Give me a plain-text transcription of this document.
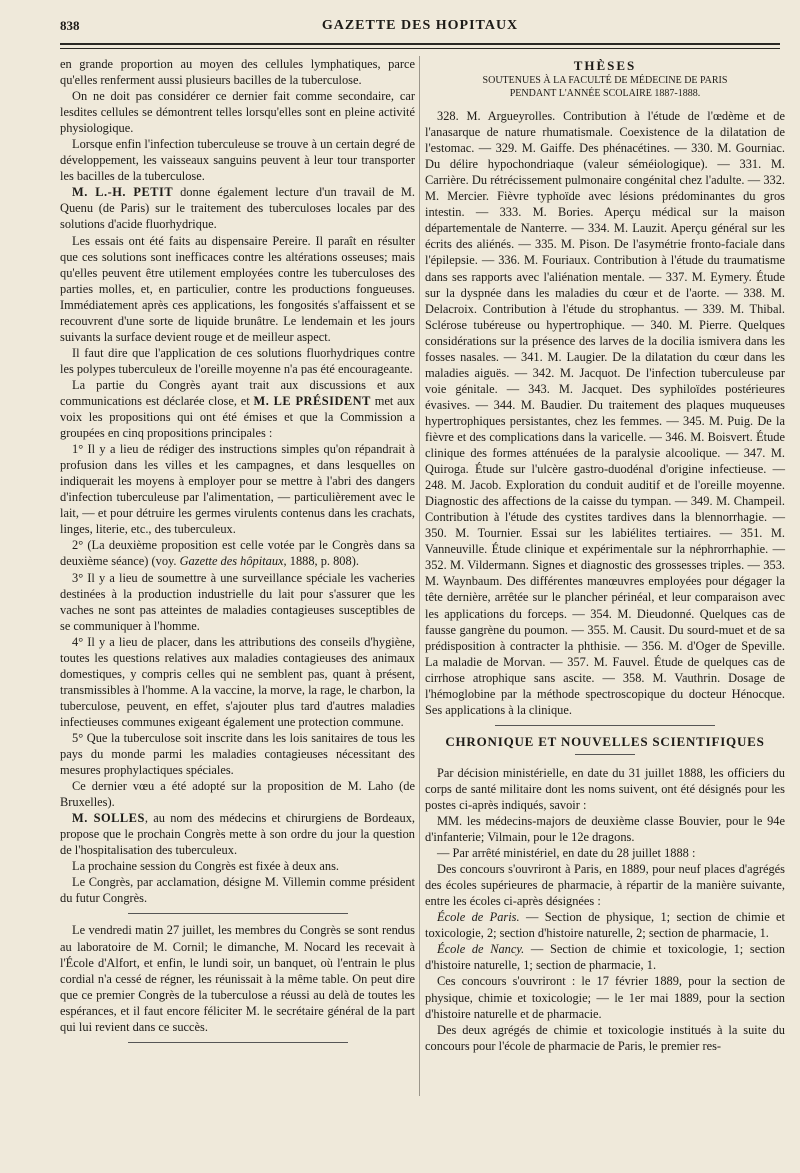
838	GAZETTE DES HOPITAUX

en grande proportion au moyen des cellules lymphatiques, parce qu'elles renferment aussi plusieurs bacilles de la tuberculose.

On ne doit pas considérer ce dernier fait comme secondaire, car lesdites cellules se démontrent telles lorsqu'elles sont en pleine activité physiologique.

Lorsque enfin l'infection tuberculeuse se trouve à un certain degré de développement, les vaisseaux sanguins peuvent à leur tour transporter les bacilles de la tuberculose.

M. L.-H. PETIT donne également lecture d'un travail de M. Quenu (de Paris) sur le traitement des tuberculoses locales par des solutions d'acide fluorhydrique.

Les essais ont été faits au dispensaire Pereire. Il paraît en résulter que ces solutions sont inefficaces contre les altérations osseuses; mais qu'elles peuvent être utilement employées contre les tuberculoses des parties molles, et, en particulier, contre les productions fongueuses. Immédiatement après ces applications, les fongosités s'affaissent et se recouvrent d'une sorte de liquide brunâtre. Le lendemain et les jours suivants la surface devient rouge et de meilleur aspect.

Il faut dire que l'application de ces solutions fluorhydriques contre les polypes tuberculeux de l'oreille moyenne n'a pas été encourageante.

La partie du Congrès ayant trait aux discussions et aux communications est déclarée close, et M. LE PRÉSIDENT met aux voix les propositions qui ont été émises et que la Commission a groupées en cinq propositions principales :

1° Il y a lieu de rédiger des instructions simples qu'on répandrait à profusion dans les villes et les campagnes, et dans lesquelles on indiquerait les moyens à employer pour se mettre à l'abri des dangers d'infection tuberculeuse par l'alimentation, — particulièrement avec le lait, — et pour détruire les germes virulents contenus dans les crachats, linges, literie, etc., des tuberculeux.

2° (La deuxième proposition est celle votée par le Congrès dans sa deuxième séance) (voy. Gazette des hôpitaux, 1888, p. 808).

3° Il y a lieu de soumettre à une surveillance spéciale les vacheries destinées à la production industrielle du lait pour s'assurer que les vaches ne sont pas atteintes de maladies contagieuses susceptibles de se communiquer à l'homme.

4° Il y a lieu de placer, dans les attributions des conseils d'hygiène, toutes les questions relatives aux maladies contagieuses des animaux domestiques, y compris celles qui ne semblent pas, quant à présent, transmissibles à l'homme. A la vaccine, la morve, la rage, le charbon, la tuberculose, peuvent, en effet, s'ajouter plus tard d'autres maladies infectieuses communes exigeant également une protection commune.

5° Que la tuberculose soit inscrite dans les lois sanitaires de tous les pays du monde parmi les maladies contagieuses nécessitant des mesures prophylactiques spéciales.

Ce dernier vœu a été adopté sur la proposition de M. Laho (de Bruxelles).

M. SOLLES, au nom des médecins et chirurgiens de Bordeaux, propose que le prochain Congrès mette à son ordre du jour la question de l'hospitalisation des tuberculeux.

La prochaine session du Congrès est fixée à deux ans.

Le Congrès, par acclamation, désigne M. Villemin comme président du futur Congrès.

Le vendredi matin 27 juillet, les membres du Congrès se sont rendus au laboratoire de M. Cornil; le dimanche, M. Nocard les recevait à l'École d'Alfort, et enfin, le lundi soir, un banquet, où l'entrain le plus cordial n'a cessé de régner, les réunissait à la même table. On peut dire que ce premier Congrès de la tuberculose a réussi au delà de toutes les espérances, et il faut encore féliciter M. le secrétaire général de la part qui lui revient dans ce succès.

THÈSES
SOUTENUES À LA FACULTÉ DE MÉDECINE DE PARIS
PENDANT L'ANNÉE SCOLAIRE 1887-1888.

328. M. Argueyrolles. Contribution à l'étude de l'œdème et de l'anasarque de nature rhumatismale. Coexistence de la dilatation de l'estomac. — 329. M. Gaiffe. Des phénacétines. — 330. M. Gourniac. Du délire hypochondriaque (valeur séméiologique). — 331. M. Carrière. Du rétrécissement pulmonaire congénital chez l'adulte. — 332. M. Mercier. Fièvre typhoïde avec lésions prédominantes du gros intestin. — 333. M. Bories. Aperçu médical sur la maison départementale de Nanterre. — 334. M. Lauzit. Aperçu général sur les écrits des aliénés. — 335. M. Pison. De l'asymétrie fronto-faciale dans l'épilepsie. — 336. M. Fouriaux. Contribution à l'étude du traumatisme dans ses rapports avec l'aliénation mentale. — 337. M. Eymery. Étude sur la dyspnée dans les maladies du cœur et de l'aorte. — 338. M. Delacroix. Contribution à l'étude du strophantus. — 339. M. Thibal. Sclérose tubéreuse ou hypertrophique. — 340. M. Pierre. Quelques considérations sur la présence des larves de la docilia ismivera dans les fosses nasales. — 341. M. Laugier. De la dilatation du cœur dans les maladies aiguës. — 342. M. Jacquot. De l'infection tuberculeuse par voie génitale. — 343. M. Jacquet. Des syphiloïdes postérieures évasives. — 344. M. Baudier. Du traitement des plaques muqueuses hypertrophiques persistantes, chez les femmes. — 345. M. Puig. De la fièvre et des complications dans la varicelle. — 346. M. Boisvert. Étude clinique des formes atténuées de la paralysie alcoolique. — 347. M. Quiroga. Étude sur l'ulcère gastro-duodénal d'origine infectieuse. — 248. M. Jacob. Exploration du conduit auditif et de l'oreille moyenne. Diagnostic des affections de la caisse du tympan. — 349. M. Champeil. Contribution à l'étude des cystites tardives dans la blennorrhagie. — 350. M. Tournier. Essai sur les labiélites tertiaires. — 351. M. Vanneuville. Étude clinique et expérimentale sur la néphrorrhaphie. — 352. M. Vildermann. Signes et diagnostic des grossesses triples. — 353. M. Waynbaum. Des différentes manœuvres employées pour dégager la tête dernière, arrêtée sur le plancher périnéal, et leur comparaison avec les applications du forceps. — 354. M. Dieudonné. Quelques cas de fausse gangrène du poumon. — 355. M. Causit. Du sourd-muet et de sa prédisposition à contracter la phthisie. — 356. M. d'Oger de Speville. La maladie de Morvan. — 357. M. Fauvel. Étude de quelques cas de cirrhose atrophique sans ascite. — 358. M. Vauthrin. Dosage de l'hémoglobine par la méthode spectroscopique du docteur Hénocque. Ses applications à la clinique.

CHRONIQUE ET NOUVELLES SCIENTIFIQUES

Par décision ministérielle, en date du 31 juillet 1888, les officiers du corps de santé militaire dont les noms suivent, ont été désignés pour les postes ci-après indiqués, savoir :

MM. les médecins-majors de deuxième classe Bouvier, pour le 94e d'infanterie; Vilmain, pour le 12e dragons.

— Par arrêté ministériel, en date du 28 juillet 1888 :

Des concours s'ouvriront à Paris, en 1889, pour neuf places d'agrégés des écoles supérieures de pharmacie, à répartir de la manière suivante, entre les écoles ci-après désignées :

École de Paris. — Section de physique, 1; section de chimie et toxicologie, 2; section d'histoire naturelle, 2; section de pharmacie, 1.

École de Nancy. — Section de chimie et toxicologie, 1; section d'histoire naturelle, 1; section de pharmacie, 1.

Ces concours s'ouvriront : le 17 février 1889, pour la section de physique, chimie et toxicologie; — le 1er mai 1889, pour la section d'histoire naturelle et de pharmacie.

Des deux agrégés de chimie et toxicologie institués à la suite du concours pour l'école de pharmacie de Paris, le premier res-
